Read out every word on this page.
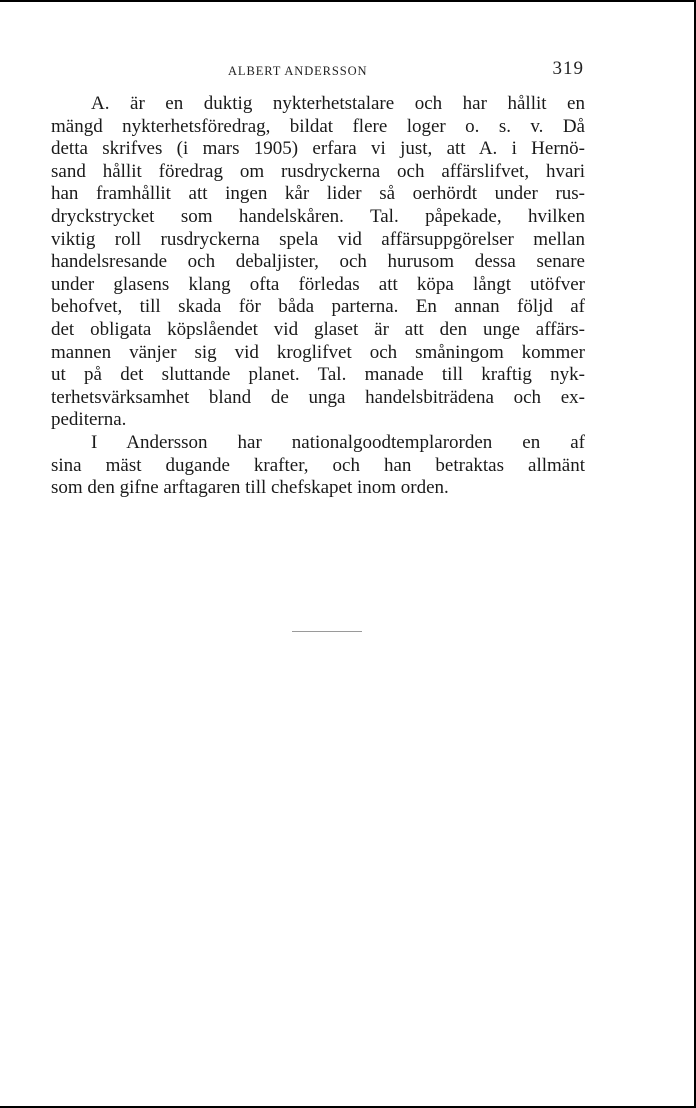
ALBERT ANDERSSON	319
A. är en duktig nykterhetstalare och har hållit en
mängd nykterhetsföredrag, bildat flere loger o. s. v. Då
detta skrifves (i mars 1905) erfara vi just, att A. i Hernö-
sand hållit föredrag om rusdryckerna och affärslifvet, hvari
han framhållit att ingen kår lider så oerhördt under rus-
dryckstrycket som handelskåren. Tal. påpekade, hvilken
viktig roll rusdryckerna spela vid affärsuppgörelser mellan
handelsresande och debaljister, och hurusom dessa senare
under glasens klang ofta förledas att köpa långt utöfver
behofvet, till skada för båda parterna. En annan följd af
det obligata köpslåendet vid glaset är att den unge affärs-
mannen vänjer sig vid kroglifvet och småningom kommer
ut på det sluttande planet. Tal. manade till kraftig nyk-
terhetsvärksamhet bland de unga handelsbiträdena och ex-
pediterna.
I Andersson har nationalgoodtemplarorden en af
sina mäst dugande krafter, och han betraktas allmänt
som den gifne arftagaren till chefskapet inom orden.
